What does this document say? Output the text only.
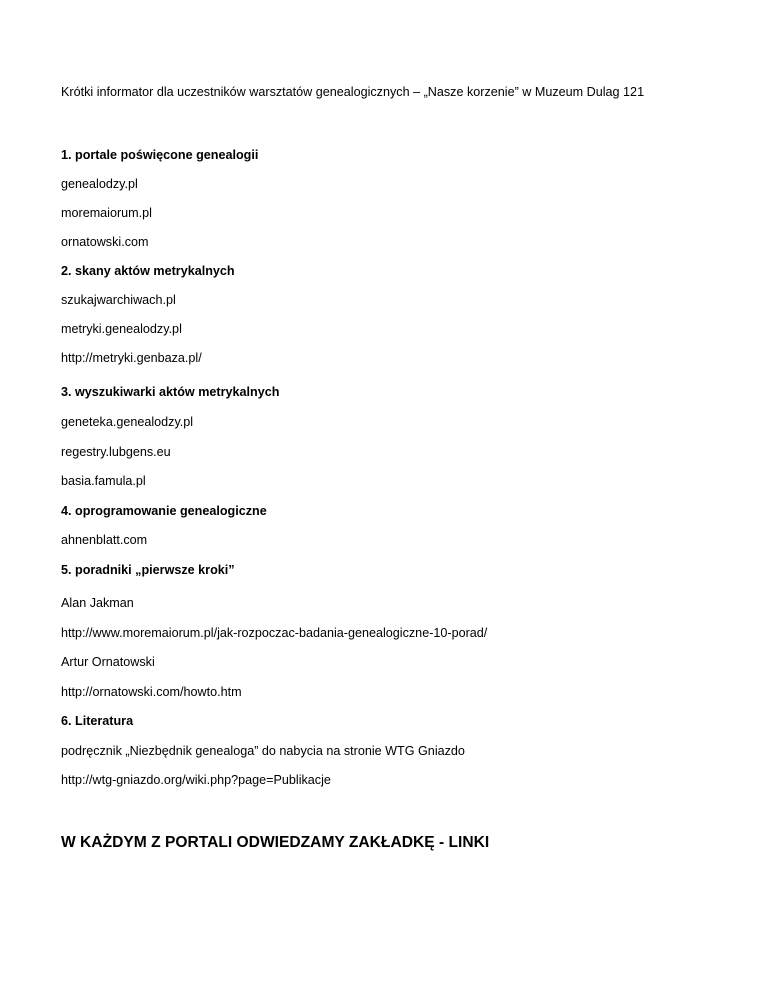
Krótki informator dla uczestników warsztatów genealogicznych – „Nasze korzenie” w Muzeum Dulag 121
1. portale poświęcone genealogii
genealodzy.pl
moremaiorum.pl
ornatowski.com
2. skany aktów metrykalnych
szukajwarchiwach.pl
metryki.genealodzy.pl
http://metryki.genbaza.pl/
3. wyszukiwarki aktów metrykalnych
geneteka.genealodzy.pl
regestry.lubgens.eu
basia.famula.pl
4. oprogramowanie genealogiczne
ahnenblatt.com
5. poradniki „pierwsze kroki”
Alan Jakman
http://www.moremaiorum.pl/jak-rozpoczac-badania-genealogiczne-10-porad/
Artur Ornatowski
http://ornatowski.com/howto.htm
6. Literatura
podręcznik „Niezbędnik genealoga” do nabycia na stronie WTG Gniazdo
http://wtg-gniazdo.org/wiki.php?page=Publikacje
W KAŻDYM Z PORTALI ODWIEDZAMY ZAKŁADKĘ - LINKI
